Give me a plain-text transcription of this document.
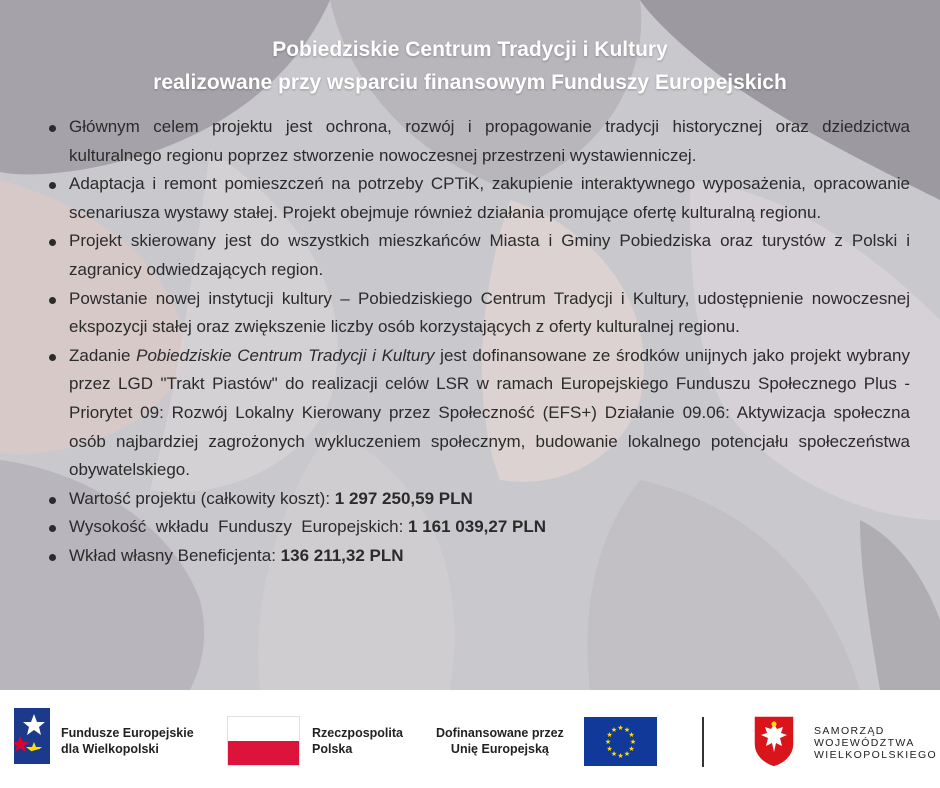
Pobiedziskie Centrum Tradycji i Kultury
realizowane przy wsparciu finansowym Funduszy Europejskich
Głównym celem projektu jest ochrona, rozwój i propagowanie tradycji historycznej oraz dziedzictwa kulturalnego regionu poprzez stworzenie nowoczesnej przestrzeni wystawienniczej.
Adaptacja i remont pomieszczeń na potrzeby CPTiK, zakupienie interaktywnego wyposażenia, opracowanie scenariusza wystawy stałej. Projekt obejmuje również działania promujące ofertę kulturalną regionu.
Projekt skierowany jest do wszystkich mieszkańców Miasta i Gminy Pobiedziska oraz turystów z Polski i zagranicy odwiedzających region.
Powstanie nowej instytucji kultury – Pobiedziskiego Centrum Tradycji i Kultury, udostępnienie nowoczesnej ekspozycji stałej oraz zwiększenie liczby osób korzystających z oferty kulturalnej regionu.
Zadanie Pobiedziskie Centrum Tradycji i Kultury jest dofinansowane ze środków unijnych jako projekt wybrany przez LGD "Trakt Piastów" do realizacji celów LSR w ramach Europejskiego Funduszu Społecznego Plus - Priorytet 09: Rozwój Lokalny Kierowany przez Społeczność (EFS+) Działanie 09.06: Aktywizacja społeczna osób najbardziej zagrożonych wykluczeniem społecznym, budowanie lokalnego potencjału społeczeństwa obywatelskiego.
Wartość projektu (całkowity koszt): 1 297 250,59 PLN
Wysokość  wkładu  Funduszy  Europejskich: 1 161 039,27 PLN
Wkład własny Beneficjenta: 136 211,32 PLN
Fundusze Europejskie
dla Wielkopolski
Rzeczpospolita
Polska
Dofinansowane przez
Unię Europejską
★ ★
★
★
★
★
★
★
★
★
★
★	SAMORZĄD
WOJEWÓDZTWA
WIELKOPOLSKIEGO
